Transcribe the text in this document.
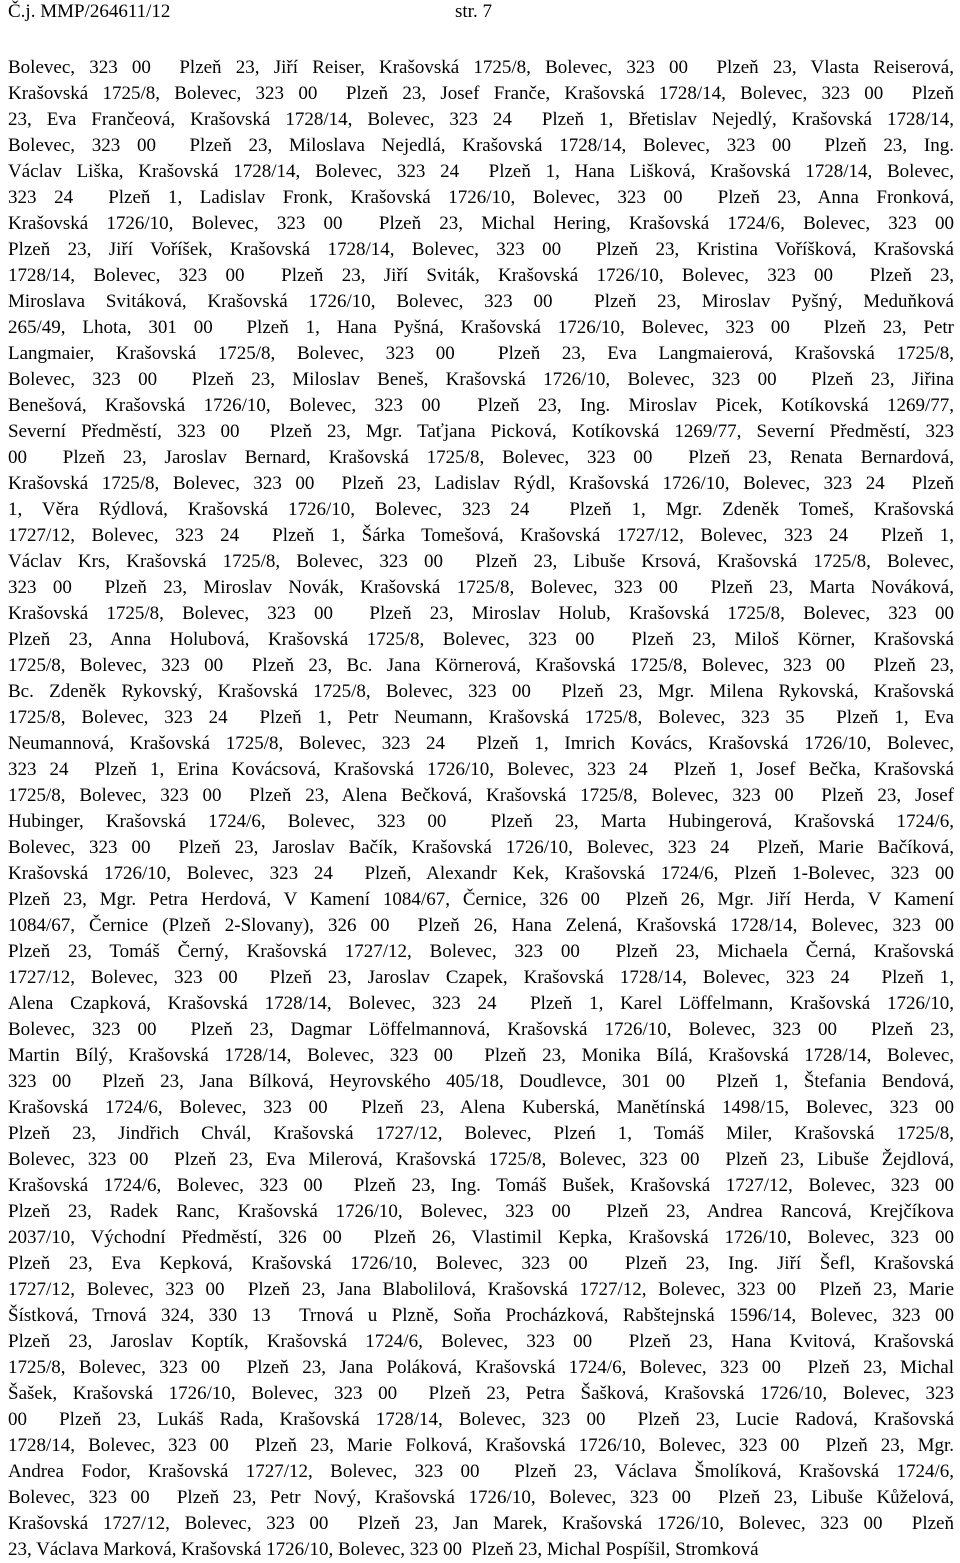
Č.j. MMP/264611/12	str. 7
Bolevec, 323 00  Plzeň 23, Jiří Reiser, Krašovská 1725/8, Bolevec, 323 00  Plzeň 23, Vlasta Reiserová,
Krašovská 1725/8, Bolevec, 323 00  Plzeň 23, Josef Frančе, Krašovská 1728/14, Bolevec, 323 00  Plzeň
23, Eva Frančeová, Krašovská 1728/14, Bolevec, 323 24  Plzeň 1, Břetislav Nejedlý, Krašovská 1728/14,
Bolevec, 323 00  Plzeň 23, Miloslava Nejedlá, Krašovská 1728/14, Bolevec, 323 00  Plzeň 23, Ing.
Václav Liška, Krašovská 1728/14, Bolevec, 323 24  Plzeň 1, Hana Lišková, Krašovská 1728/14, Bolevec,
323 24  Plzeň 1, Ladislav Fronk, Krašovská 1726/10, Bolevec, 323 00  Plzeň 23, Anna Fronková,
Krašovská 1726/10, Bolevec, 323 00  Plzeň 23, Michal Hering, Krašovská 1724/6, Bolevec, 323 00
Plzeň 23, Jiří Voříšek, Krašovská 1728/14, Bolevec, 323 00  Plzeň 23, Kristina Voříšková, Krašovská
1728/14, Bolevec, 323 00  Plzeň 23, Jiří Sviták, Krašovská 1726/10, Bolevec, 323 00  Plzeň 23,
Miroslava Svitáková, Krašovská 1726/10, Bolevec, 323 00  Plzeň 23, Miroslav Pyšný, Meduňková
265/49, Lhota, 301 00  Plzeň 1, Hana Pyšná, Krašovská 1726/10, Bolevec, 323 00  Plzeň 23, Petr
Langmaier, Krašovská 1725/8, Bolevec, 323 00  Plzeň 23, Eva Langmaierová, Krašovská 1725/8,
Bolevec, 323 00  Plzeň 23, Miloslav Beneš, Krašovská 1726/10, Bolevec, 323 00  Plzeň 23, Jiřina
Benešová, Krašovská 1726/10, Bolevec, 323 00  Plzeň 23, Ing. Miroslav Picek, Kotíkovská 1269/77,
Severní Předměstí, 323 00  Plzeň 23, Mgr. Taťjana Picková, Kotíkovská 1269/77, Severní Předměstí, 323
00  Plzeň 23, Jaroslav Bernard, Krašovská 1725/8, Bolevec, 323 00  Plzeň 23, Renata Bernardová,
Krašovská 1725/8, Bolevec, 323 00  Plzeň 23, Ladislav Rýdl, Krašovská 1726/10, Bolevec, 323 24  Plzeň
1, Věra Rýdlová, Krašovská 1726/10, Bolevec, 323 24  Plzeň 1, Mgr. Zdeněk Tomeš, Krašovská
1727/12, Bolevec, 323 24  Plzeň 1, Šárka Tomešová, Krašovská 1727/12, Bolevec, 323 24  Plzeň 1,
Václav Krs, Krašovská 1725/8, Bolevec, 323 00  Plzeň 23, Libuše Krsová, Krašovská 1725/8, Bolevec,
323 00  Plzeň 23, Miroslav Novák, Krašovská 1725/8, Bolevec, 323 00  Plzeň 23, Marta Nováková,
Krašovská 1725/8, Bolevec, 323 00  Plzeň 23, Miroslav Holub, Krašovská 1725/8, Bolevec, 323 00
Plzeň 23, Anna Holubová, Krašovská 1725/8, Bolevec, 323 00  Plzeň 23, Miloš Körner, Krašovská
1725/8, Bolevec, 323 00  Plzeň 23, Bc. Jana Körnerová, Krašovská 1725/8, Bolevec, 323 00  Plzeň 23,
Bc. Zdeněk Rykovský, Krašovská 1725/8, Bolevec, 323 00  Plzeň 23, Mgr. Milena Rykovská, Krašovská
1725/8, Bolevec, 323 24  Plzeň 1, Petr Neumann, Krašovská 1725/8, Bolevec, 323 35  Plzeň 1, Eva
Neumannová, Krašovská 1725/8, Bolevec, 323 24  Plzeň 1, Imrich Kovács, Krašovská 1726/10, Bolevec,
323 24  Plzeň 1, Erina Kovácsová, Krašovská 1726/10, Bolevec, 323 24  Plzeň 1, Josef Bečka, Krašovská
1725/8, Bolevec, 323 00  Plzeň 23, Alena Bečková, Krašovská 1725/8, Bolevec, 323 00  Plzeň 23, Josef
Hubinger, Krašovská 1724/6, Bolevec, 323 00  Plzeň 23, Marta Hubingerová, Krašovská 1724/6,
Bolevec, 323 00  Plzeň 23, Jaroslav Bačík, Krašovská 1726/10, Bolevec, 323 24  Plzeň, Marie Bačíková,
Krašovská 1726/10, Bolevec, 323 24  Plzeň, Alexandr Kek, Krašovská 1724/6, Plzeň 1-Bolevec, 323 00
Plzeň 23, Mgr. Petra Herdová, V Kamení 1084/67, Černice, 326 00  Plzeň 26, Mgr. Jiří Herda, V Kamení
1084/67, Černice (Plzeň 2-Slovany), 326 00  Plzeň 26, Hana Zelená, Krašovská 1728/14, Bolevec, 323 00
Plzeň 23, Tomáš Černý, Krašovská 1727/12, Bolevec, 323 00  Plzeň 23, Michaela Černá, Krašovská
1727/12, Bolevec, 323 00  Plzeň 23, Jaroslav Czapek, Krašovská 1728/14, Bolevec, 323 24  Plzeň 1,
Alena Czapková, Krašovská 1728/14, Bolevec, 323 24  Plzeň 1, Karel Löffelmann, Krašovská 1726/10,
Bolevec, 323 00  Plzeň 23, Dagmar Löffelmannová, Krašovská 1726/10, Bolevec, 323 00  Plzeň 23,
Martin Bílý, Krašovská 1728/14, Bolevec, 323 00  Plzeň 23, Monika Bílá, Krašovská 1728/14, Bolevec,
323 00  Plzeň 23, Jana Bílková, Heyrovského 405/18, Doudlevce, 301 00  Plzeň 1, Štefania Bendová,
Krašovská 1724/6, Bolevec, 323 00  Plzeň 23, Alena Kuberská, Manětínská 1498/15, Bolevec, 323 00
Plzeň 23, Jindřich Chvál, Krašovská 1727/12, Bolevec, Plzeń 1, Tomáš Miler, Krašovská 1725/8,
Bolevec, 323 00  Plzeň 23, Eva Milerová, Krašovská 1725/8, Bolevec, 323 00  Plzeň 23, Libuše Žejdlová,
Krašovská 1724/6, Bolevec, 323 00  Plzeň 23, Ing. Tomáš Bušek, Krašovská 1727/12, Bolevec, 323 00
Plzeň 23, Radek Ranc, Krašovská 1726/10, Bolevec, 323 00  Plzeň 23, Andrea Rancová, Krejčíkova
2037/10, Východní Předměstí, 326 00  Plzeň 26, Vlastimil Kepka, Krašovská 1726/10, Bolevec, 323 00
Plzeň 23, Eva Kepková, Krašovská 1726/10, Bolevec, 323 00  Plzeň 23, Ing. Jiří Šefl, Krašovská
1727/12, Bolevec, 323 00  Plzeň 23, Jana Blabolilová, Krašovská 1727/12, Bolevec, 323 00  Plzeň 23, Marie
Šístková, Trnová 324, 330 13  Trnová u Plzně, Soňa Procházková, Rabštejnská 1596/14, Bolevec, 323 00
Plzeň 23, Jaroslav Koptík, Krašovská 1724/6, Bolevec, 323 00  Plzeň 23, Hana Kvitová, Krašovská
1725/8, Bolevec, 323 00  Plzeň 23, Jana Poláková, Krašovská 1724/6, Bolevec, 323 00  Plzeň 23, Michal
Šašek, Krašovská 1726/10, Bolevec, 323 00  Plzeň 23, Petra Šašková, Krašovská 1726/10, Bolevec, 323
00  Plzeň 23, Lukáš Rada, Krašovská 1728/14, Bolevec, 323 00  Plzeň 23, Lucie Radová, Krašovská
1728/14, Bolevec, 323 00  Plzeň 23, Marie Folková, Krašovská 1726/10, Bolevec, 323 00  Plzeň 23, Mgr.
Andrea Fodor, Krašovská 1727/12, Bolevec, 323 00  Plzeň 23, Václava Šmolíková, Krašovská 1724/6,
Bolevec, 323 00  Plzeň 23, Petr Nový, Krašovská 1726/10, Bolevec, 323 00  Plzeň 23, Libuše Kůželová,
Krašovská 1727/12, Bolevec, 323 00  Plzeň 23, Jan Marek, Krašovská 1726/10, Bolevec, 323 00  Plzeň
23, Václava Marková, Krašovská 1726/10, Bolevec, 323 00  Plzeň 23, Michal Pospíšil, Stromková
